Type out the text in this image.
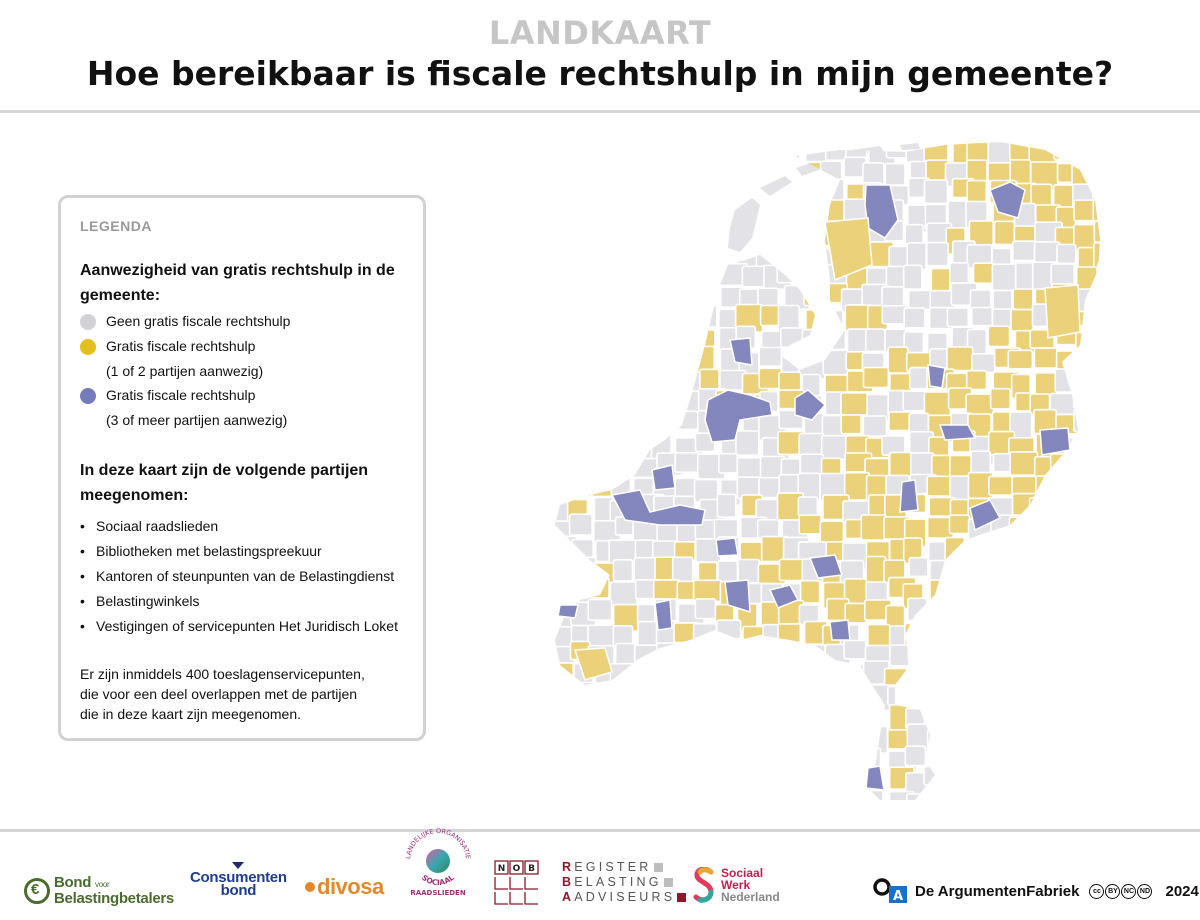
LANDKAART
Hoe bereikbaar is fiscale rechtshulp in mijn gemeente?
LEGENDA
Aanwezigheid van gratis rechtshulp in de
gemeente:
Geen gratis fiscale rechtshulp
Gratis fiscale rechtshulp
(1 of 2 partijen aanwezig)
Gratis fiscale rechtshulp
(3 of meer partijen aanwezig)
In deze kaart zijn de volgende partijen
meegenomen:
• Sociaal raadslieden
• Bibliotheken met belastingspreekuur
• Kantoren of steunpunten van de Belastingdienst
• Belastingwinkels
• Vestigingen of servicepunten Het Juridisch Loket
Er zijn inmiddels 400 toeslagenservicepunten,
die voor een deel overlappen met de partijen
die in deze kaart zijn meegenomen.
€
Bond voor
Belastingbetalers
Consumenten
bond	divosa
LANDELIJKE ORGANISATIE
SOCIAAL
RAADSLIEDEN
N O B R EGISTER
B ELASTING
A ADVISEURS
Sociaal
Werk
Nederland	A De ArgumentenFabriek	cc	BY NC ND 2024
